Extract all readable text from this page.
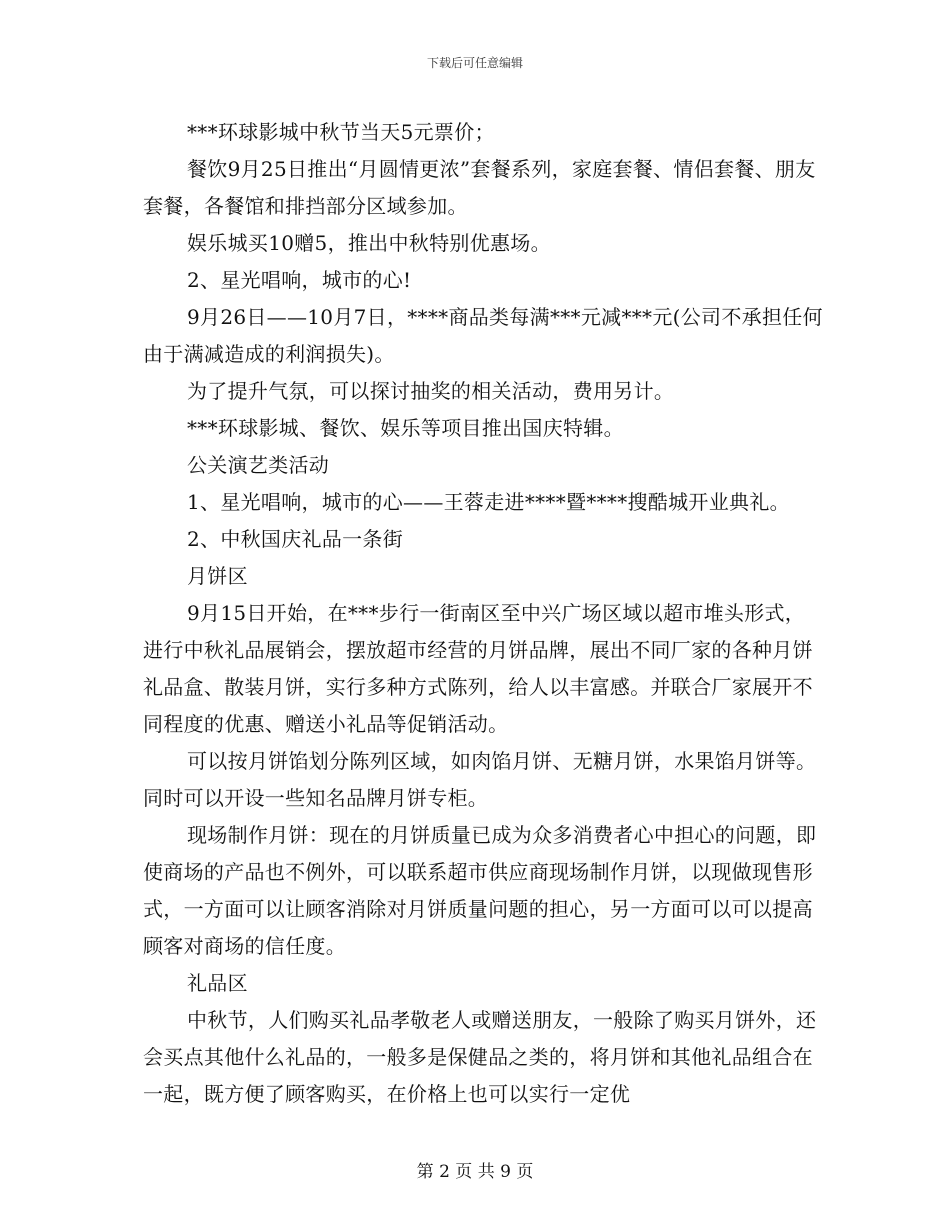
下载后可任意编辑

***环球影城中秋节当天5元票价；

餐饮9月25日推出“月圆情更浓”套餐系列，家庭套餐、情侣套餐、朋友套餐，各餐馆和排挡部分区域参加。

娱乐城买10赠5，推出中秋特别优惠场。

2、星光唱响，城市的心!

9月26日——10月7日，****商品类每满***元减***元(公司不承担任何由于满减造成的利润损失)。

为了提升气氛，可以探讨抽奖的相关活动，费用另计。

***环球影城、餐饮、娱乐等项目推出国庆特辑。

公关演艺类活动

1、星光唱响，城市的心——王蓉走进****暨****搜酷城开业典礼。

2、中秋国庆礼品一条街

月饼区

9月15日开始，在***步行一街南区至中兴广场区域以超市堆头形式，进行中秋礼品展销会，摆放超市经营的月饼品牌，展出不同厂家的各种月饼礼品盒、散装月饼，实行多种方式陈列，给人以丰富感。并联合厂家展开不同程度的优惠、赠送小礼品等促销活动。

可以按月饼馅划分陈列区域，如肉馅月饼、无糖月饼，水果馅月饼等。同时可以开设一些知名品牌月饼专柜。

现场制作月饼：现在的月饼质量已成为众多消费者心中担心的问题，即使商场的产品也不例外，可以联系超市供应商现场制作月饼，以现做现售形式，一方面可以让顾客消除对月饼质量问题的担心，另一方面可以可以提高顾客对商场的信任度。

礼品区

中秋节，人们购买礼品孝敬老人或赠送朋友，一般除了购买月饼外，还会买点其他什么礼品的，一般多是保健品之类的，将月饼和其他礼品组合在一起，既方便了顾客购买，在价格上也可以实行一定优

第 2 页 共 9 页
